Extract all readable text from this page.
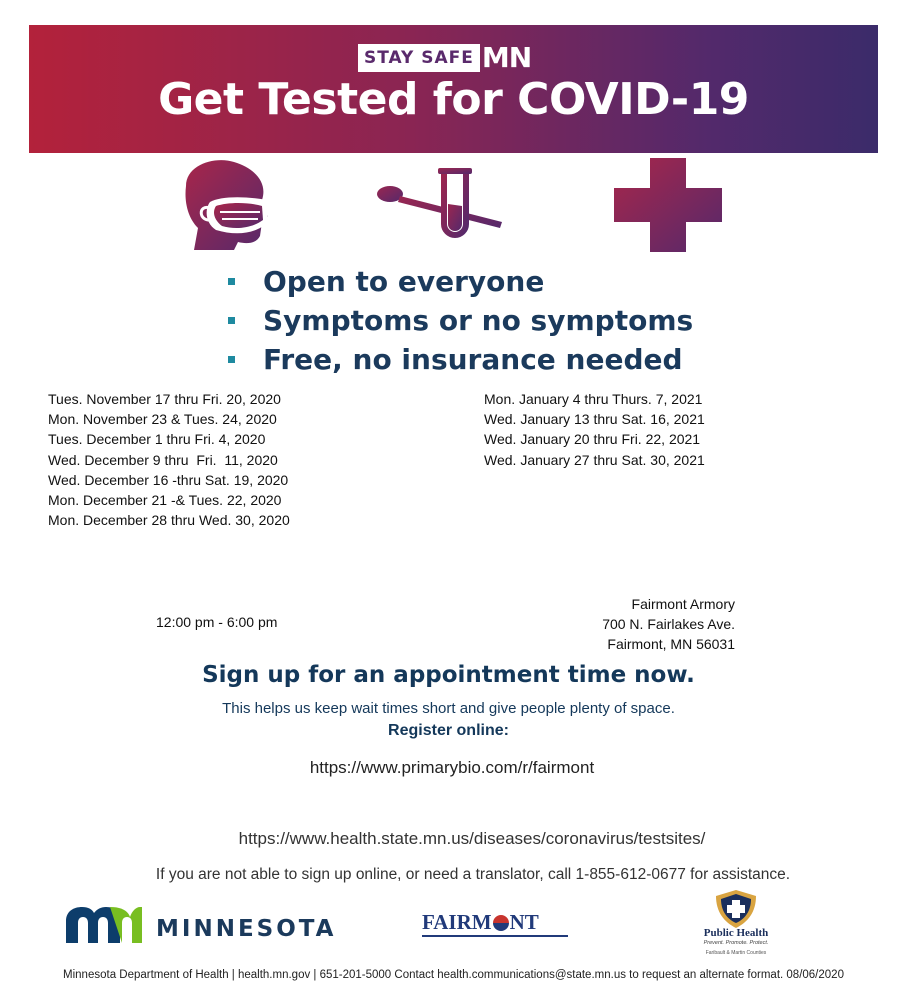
STAY SAFE MN
Get Tested for COVID-19
Open to everyone
Symptoms or no symptoms
Free, no insurance needed
Tues. November 17 thru Fri. 20, 2020
Mon. November 23 & Tues. 24, 2020
Tues. December 1 thru Fri. 4, 2020
Wed. December 9 thru  Fri.  11, 2020
Wed. December 16 -thru Sat. 19, 2020
Mon. December 21 -& Tues. 22, 2020
Mon. December 28 thru Wed. 30, 2020
Mon. January 4 thru Thurs. 7, 2021
Wed. January 13 thru Sat. 16, 2021
Wed. January 20 thru Fri. 22, 2021
Wed. January 27 thru Sat. 30, 2021
12:00 pm - 6:00 pm
Fairmont Armory
700 N. Fairlakes Ave.
Fairmont, MN 56031
Sign up for an appointment time now.
This helps us keep wait times short and give people plenty of space.
Register online:
https://www.primarybio.com/r/fairmont
https://www.health.state.mn.us/diseases/coronavirus/testsites/
If you are not able to sign up online, or need a translator, call 1-855-612-0677 for assistance.
MINNESOTA	FAIRM NT	Public Health
Prevent. Promote. Protect.
Faribault & Martin Counties
Minnesota Department of Health | health.mn.gov | 651-201-5000 Contact health.communications@state.mn.us to request an alternate format. 08/06/2020
